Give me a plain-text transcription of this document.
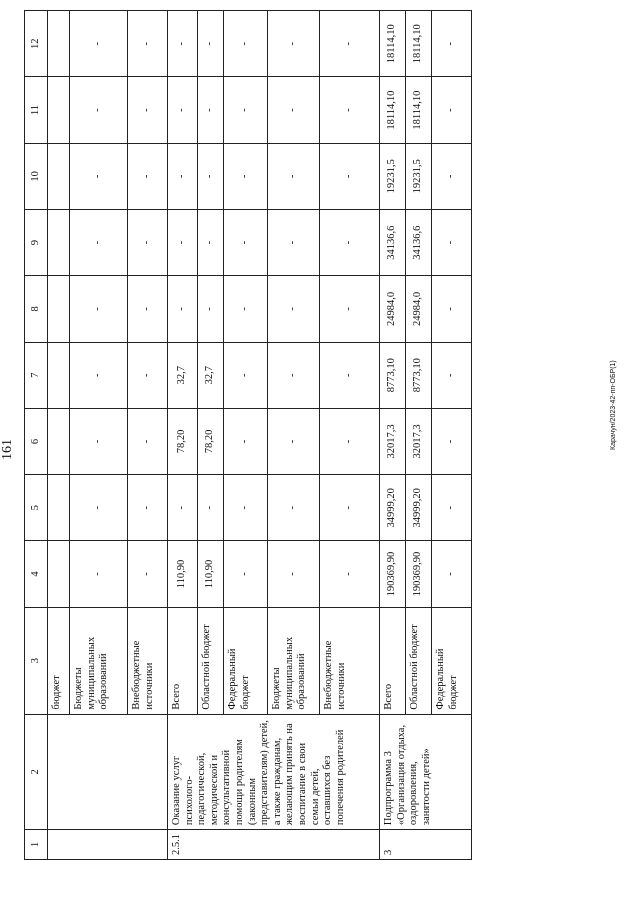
161	Карачун/2023-42-пп-ОБР(1)
1	2	3	4	5	6	7	8	9	10	11	12
		бюджет									
		Бюджеты муниципальных образований	-	-	-	-	-	-	-	-	-
		Внебюджетные источники	-	-	-	-	-	-	-	-	-
2.5.1	Оказание услуг психолого-педагогической, методической и консультативной помощи родителям (законным представителям) детей, а также гражданам, желающим принять на воспитание в свои семьи детей, оставшихся без попечения родителей	Всего	110,90	-	78,20	32,7	-	-	-	-	-
		Областной бюджет	110,90	-	78,20	32,7	-	-	-	-	-
		Федеральный бюджет	-	-	-	-	-	-	-	-	-
		Бюджеты муниципальных образований	-	-	-	-	-	-	-	-	-
		Внебюджетные источники	-	-	-	-	-	-	-	-	-
3	Подпрограмма 3 «Организация отдыха, оздоровления, занятости детей»	Всего	190369,90	34999,20	32017,3	8773,10	24984,0	34136,6	19231,5	18114,10	18114,10
		Областной бюджет	190369,90	34999,20	32017,3	8773,10	24984,0	34136,6	19231,5	18114,10	18114,10
		Федеральный бюджет	-	-	-	-	-	-	-	-	-
